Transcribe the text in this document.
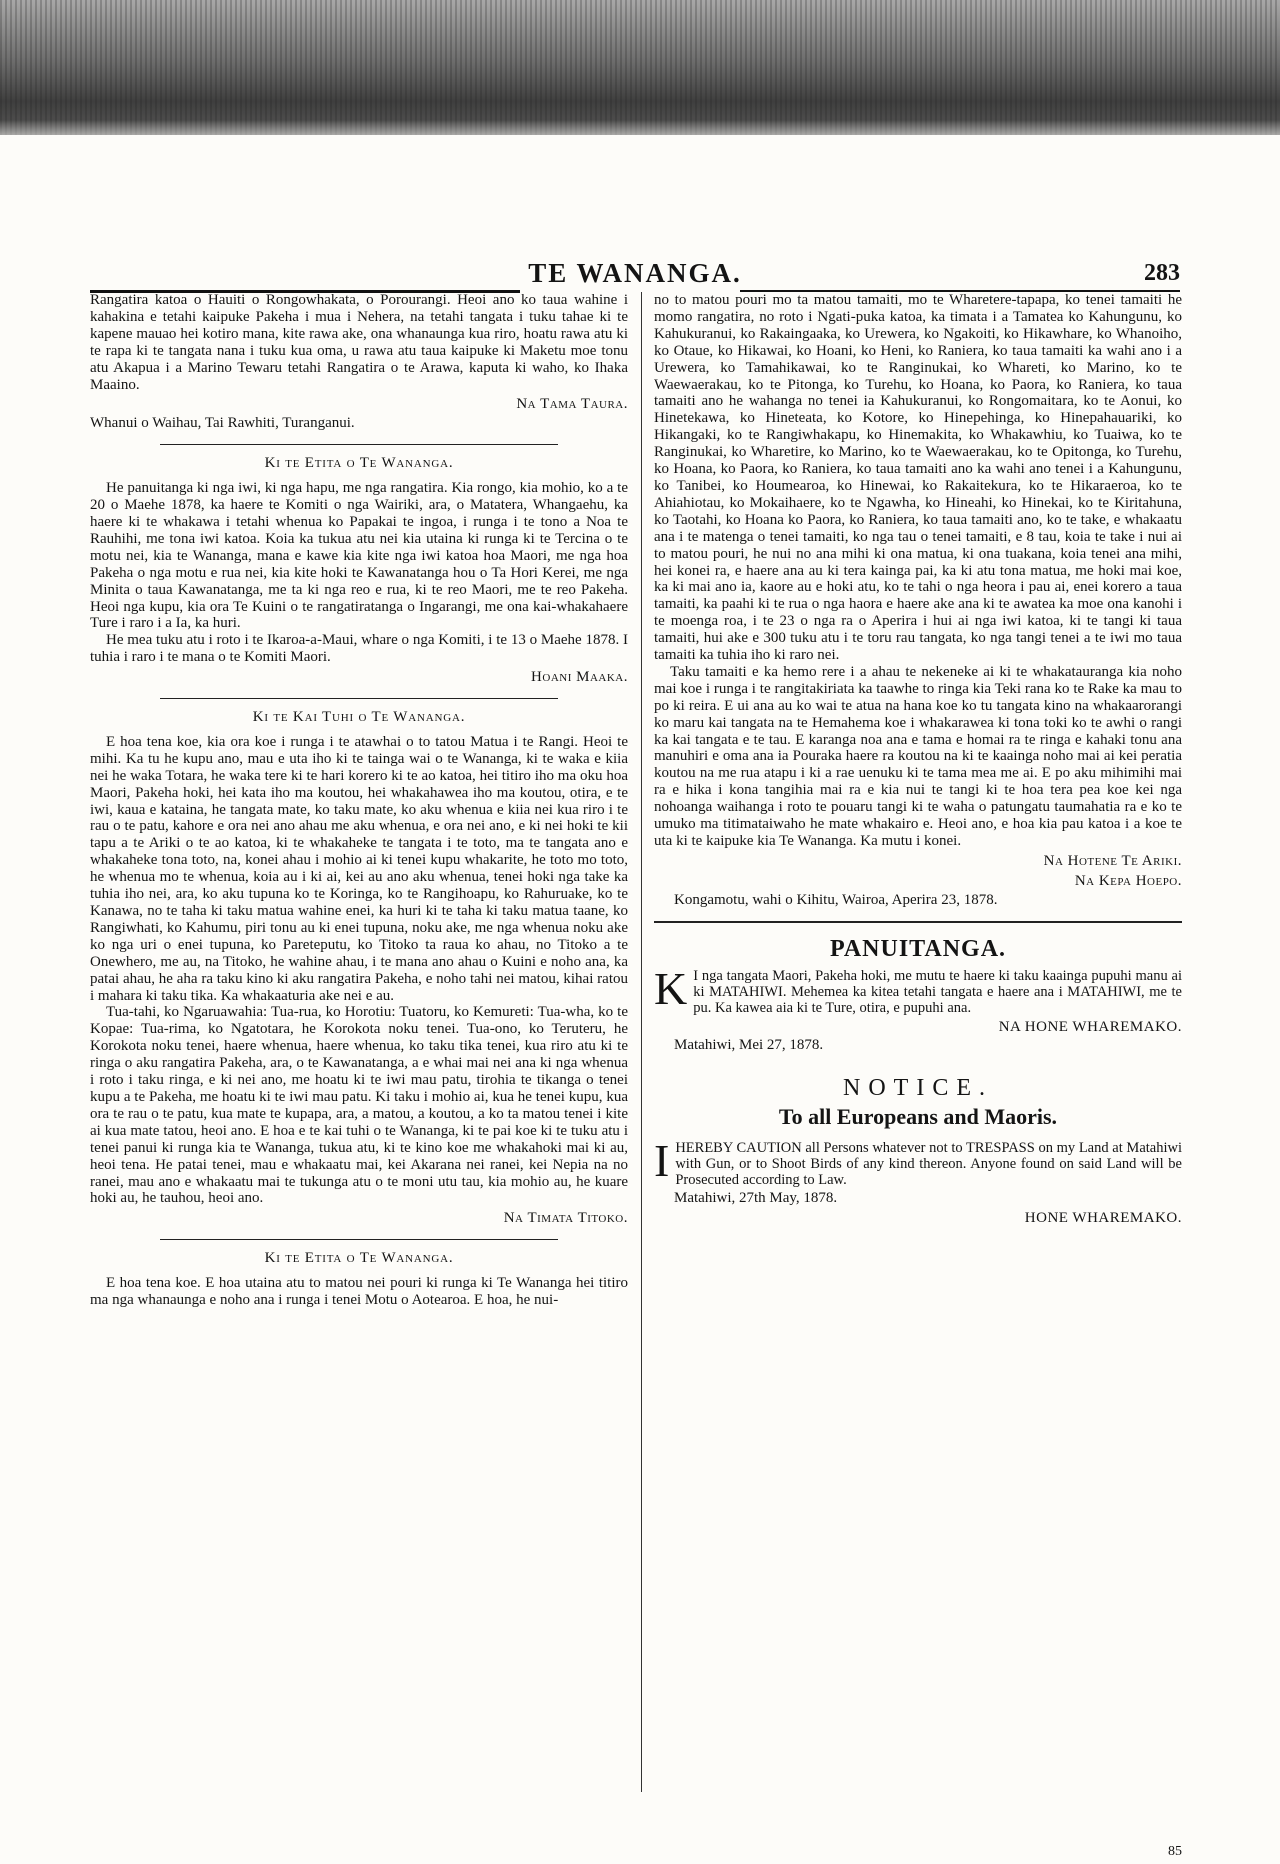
TE WANANGA.	283

Rangatira katoa o Hauiti o Rongowhakata, o Porourangi. Heoi ano ko taua wahine i kahakina e tetahi kaipuke Pakeha i mua i Nehera, na tetahi tangata i tuku tahae ki te kapene mauao hei kotiro mana, kite rawa ake, ona whanaunga kua riro, hoatu rawa atu ki te rapa ki te tangata nana i tuku kua oma, u rawa atu taua kaipuke ki Maketu moe tonu atu Akapua i a Marino Tewaru tetahi Rangatira o te Arawa, kaputa ki waho, ko Ihaka Maaino.

Na Tama Taura.

Whanui o Waihau, Tai Rawhiti, Turanganui.

Ki te Etita o Te Wananga.

He panuitanga ki nga iwi, ki nga hapu, me nga rangatira. Kia rongo, kia mohio, ko a te 20 o Maehe 1878, ka haere te Komiti o nga Wairiki, ara, o Matatera, Whangaehu, ka haere ki te whakawa i tetahi whenua ko Papakai te ingoa, i runga i te tono a Noa te Rauhihi, me tona iwi katoa. Koia ka tukua atu nei kia utaina ki runga ki te Tercina o te motu nei, kia te Wananga, mana e kawe kia kite nga iwi katoa hoa Maori, me nga hoa Pakeha o nga motu e rua nei, kia kite hoki te Kawanatanga hou o Ta Hori Kerei, me nga Minita o taua Kawanatanga, me ta ki nga reo e rua, ki te reo Maori, me te reo Pakeha. Heoi nga kupu, kia ora Te Kuini o te rangatiratanga o Ingarangi, me ona kai-whakahaere Ture i raro i a Ia, ka huri.

He mea tuku atu i roto i te Ikaroa-a-Maui, whare o nga Komiti, i te 13 o Maehe 1878. I tuhia i raro i te mana o te Komiti Maori.

Hoani Maaka.

Ki te Kai Tuhi o Te Wananga.

E hoa tena koe, kia ora koe i runga i te atawhai o to tatou Matua i te Rangi. Heoi te mihi. Ka tu he kupu ano, mau e uta iho ki te tainga wai o te Wananga, ki te waka e kiia nei he waka Totara, he waka tere ki te hari korero ki te ao katoa, hei titiro iho ma oku hoa Maori, Pakeha hoki, hei kata iho ma koutou, hei whakahawea iho ma koutou, otira, e te iwi, kaua e kataina, he tangata mate, ko taku mate, ko aku whenua e kiia nei kua riro i te rau o te patu, kahore e ora nei ano ahau me aku whenua, e ora nei ano, e ki nei hoki te kii tapu a te Ariki o te ao katoa, ki te whakaheke te tangata i te toto, ma te tangata ano e whakaheke tona toto, na, konei ahau i mohio ai ki tenei kupu whakarite, he toto mo toto, he whenua mo te whenua, koia au i ki ai, kei au ano aku whenua, tenei hoki nga take ka tuhia iho nei, ara, ko aku tupuna ko te Koringa, ko te Rangihoapu, ko Rahuruake, ko te Kanawa, no te taha ki taku matua wahine enei, ka huri ki te taha ki taku matua taane, ko Rangiwhati, ko Kahumu, piri tonu au ki enei tupuna, noku ake, me nga whenua noku ake ko nga uri o enei tupuna, ko Pareteputu, ko Titoko ta raua ko ahau, no Titoko a te Onewhero, me au, na Titoko, he wahine ahau, i te mana ano ahau o Kuini e noho ana, ka patai ahau, he aha ra taku kino ki aku rangatira Pakeha, e noho tahi nei matou, kihai ratou i mahara ki taku tika. Ka whakaaturia ake nei e au.

Tua-tahi, ko Ngaruawahia: Tua-rua, ko Horotiu: Tuatoru, ko Kemureti: Tua-wha, ko te Kopae: Tua-rima, ko Ngatotara, he Korokota noku tenei. Tua-ono, ko Teruteru, he Korokota noku tenei, haere whenua, haere whenua, ko taku tika tenei, kua riro atu ki te ringa o aku rangatira Pakeha, ara, o te Kawanatanga, a e whai mai nei ana ki nga whenua i roto i taku ringa, e ki nei ano, me hoatu ki te iwi mau patu, tirohia te tikanga o tenei kupu a te Pakeha, me hoatu ki te iwi mau patu. Ki taku i mohio ai, kua he tenei kupu, kua ora te rau o te patu, kua mate te kupapa, ara, a matou, a koutou, a ko ta matou tenei i kite ai kua mate tatou, heoi ano. E hoa e te kai tuhi o te Wananga, ki te pai koe ki te tuku atu i tenei panui ki runga kia te Wananga, tukua atu, ki te kino koe me whakahoki mai ki au, heoi tena. He patai tenei, mau e whakaatu mai, kei Akarana nei ranei, kei Nepia na no ranei, mau ano e whakaatu mai te tukunga atu o te moni utu tau, kia mohio au, he kuare hoki au, he tauhou, heoi ano.

Na Timata Titoko.

Ki te Etita o Te Wananga.

E hoa tena koe. E hoa utaina atu to matou nei pouri ki runga ki Te Wananga hei titiro ma nga whanaunga e noho ana i runga i tenei Motu o Aotearoa. E hoa, he nui-

no to matou pouri mo ta matou tamaiti, mo te Wharetere-tapapa, ko tenei tamaiti he momo rangatira, no roto i Ngati-puka katoa, ka timata i a Tamatea ko Kahungunu, ko Kahukuranui, ko Rakaingaaka, ko Urewera, ko Ngakoiti, ko Hikawhare, ko Whanoiho, ko Otaue, ko Hikawai, ko Hoani, ko Heni, ko Raniera, ko taua tamaiti ka wahi ano i a Urewera, ko Tamahikawai, ko te Ranginukai, ko Whareti, ko Marino, ko te Waewaerakau, ko te Pitonga, ko Turehu, ko Hoana, ko Paora, ko Raniera, ko taua tamaiti ano he wahanga no tenei ia Kahukuranui, ko Rongomaitara, ko te Aonui, ko Hinetekawa, ko Hineteata, ko Kotore, ko Hinepehinga, ko Hinepahauariki, ko Hikangaki, ko te Rangiwhakapu, ko Hinemakita, ko Whakawhiu, ko Tuaiwa, ko te Ranginukai, ko Wharetire, ko Marino, ko te Waewaerakau, ko te Opitonga, ko Turehu, ko Hoana, ko Paora, ko Raniera, ko taua tamaiti ano ka wahi ano tenei i a Kahungunu, ko Tanibei, ko Houmearoa, ko Hinewai, ko Rakaitekura, ko te Hikaraeroa, ko te Ahiahiotau, ko Mokaihaere, ko te Ngawha, ko Hineahi, ko Hinekai, ko te Kiritahuna, ko Taotahi, ko Hoana ko Paora, ko Raniera, ko taua tamaiti ano, ko te take, e whakaatu ana i te matenga o tenei tamaiti, ko nga tau o tenei tamaiti, e 8 tau, koia te take i nui ai to matou pouri, he nui no ana mihi ki ona matua, ki ona tuakana, koia tenei ana mihi, hei konei ra, e haere ana au ki tera kainga pai, ka ki atu tona matua, me hoki mai koe, ka ki mai ano ia, kaore au e hoki atu, ko te tahi o nga heora i pau ai, enei korero a taua tamaiti, ka paahi ki te rua o nga haora e haere ake ana ki te awatea ka moe ona kanohi i te moenga roa, i te 23 o nga ra o Aperira i hui ai nga iwi katoa, ki te tangi ki taua tamaiti, hui ake e 300 tuku atu i te toru rau tangata, ko nga tangi tenei a te iwi mo taua tamaiti ka tuhia iho ki raro nei.

Taku tamaiti e ka hemo rere i a ahau te nekeneke ai ki te whakatauranga kia noho mai koe i runga i te rangitakiriata ka taawhe to ringa kia Teki rana ko te Rake ka mau to po ki reira. E ui ana au ko wai te atua na hana koe ko tu tangata kino na whakaarorangi ko maru kai tangata na te Hemahema koe i whakarawea ki tona toki ko te awhi o rangi ka kai tangata e te tau. E karanga noa ana e tama e homai ra te ringa e kahaki tonu ana manuhiri e oma ana ia Pouraka haere ra koutou na ki te kaainga noho mai ai kei peratia koutou na me rua atapu i ki a rae uenuku ki te tama mea me ai. E po aku mihimihi mai ra e hika i kona tangihia mai ra e kia nui te tangi ki te hoa tera pea koe kei nga nohoanga waihanga i roto te pouaru tangi ki te waha o patungatu taumahatia ra e ko te umuko ma titimataiwaho he mate whakairo e. Heoi ano, e hoa kia pau katoa i a koe te uta ki te kaipuke kia Te Wananga. Ka mutu i konei.

Na Hotene Te Ariki.

Na Kepa Hoepo.

Kongamotu, wahi o Kihitu, Wairoa, Aperira 23, 1878.

PANUITANGA.

K I nga tangata Maori, Pakeha hoki, me mutu te haere ki taku kaainga pupuhi manu ai ki MATAHIWI. Mehemea ka kitea tetahi tangata e haere ana i MATAHIWI, me te pu. Ka kawea aia ki te Ture, otira, e pupuhi ana.

NA HONE WHAREMAKO.

Matahiwi, Mei 27, 1878.

NOTICE.

To all Europeans and Maoris.

I HEREBY CAUTION all Persons whatever not to TRESPASS on my Land at Matahiwi with Gun, or to Shoot Birds of any kind thereon. Anyone found on said Land will be Prosecuted according to Law.

Matahiwi, 27th May, 1878.

HONE WHAREMAKO.

85
